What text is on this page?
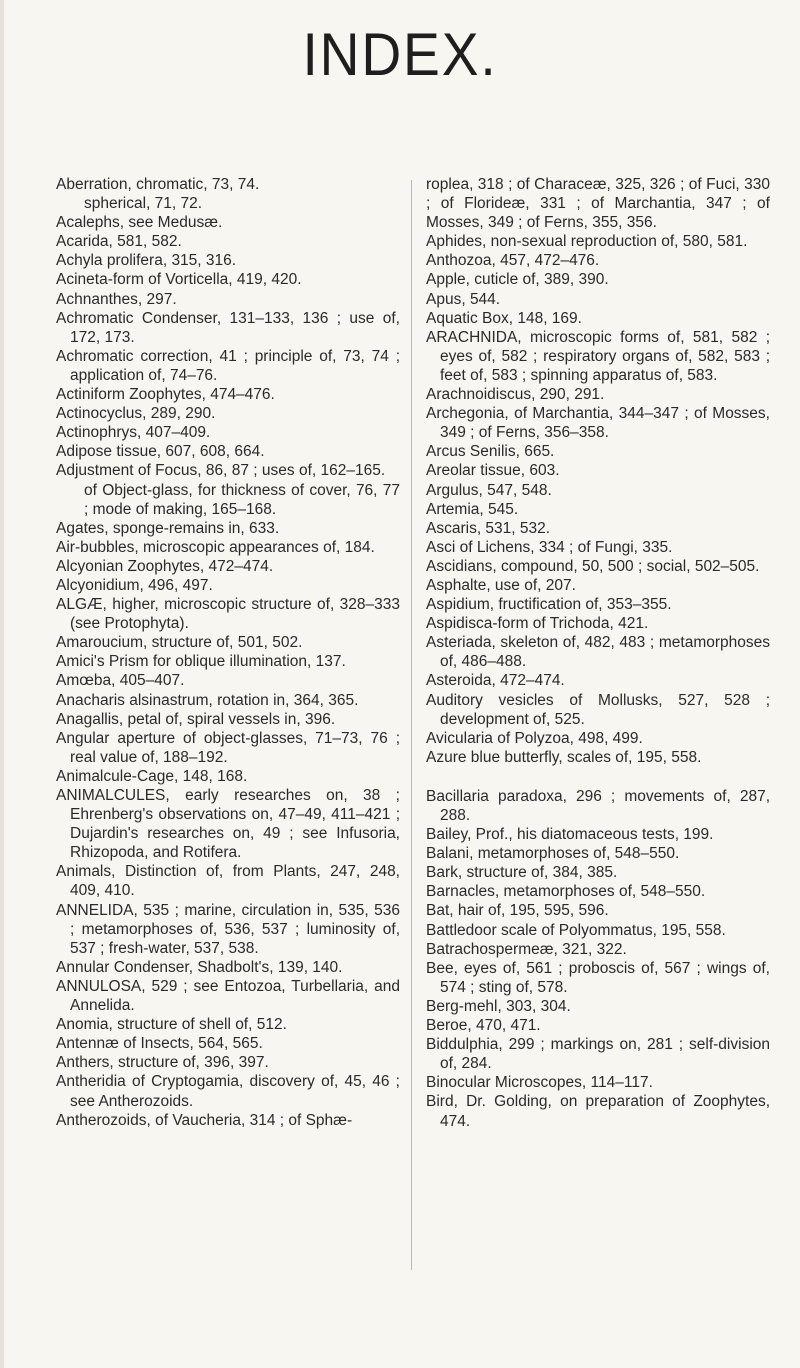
INDEX.

Aberration, chromatic, 73, 74.

spherical, 71, 72.

Acalephs, see Medusæ.

Acarida, 581, 582.

Achyla prolifera, 315, 316.

Acineta-form of Vorticella, 419, 420.

Achnanthes, 297.

Achromatic Condenser, 131–133, 136 ; use of, 172, 173.

Achromatic correction, 41 ; principle of, 73, 74 ; application of, 74–76.

Actiniform Zoophytes, 474–476.

Actinocyclus, 289, 290.

Actinophrys, 407–409.

Adipose tissue, 607, 608, 664.

Adjustment of Focus, 86, 87 ; uses of, 162–165.

of Object-glass, for thickness of cover, 76, 77 ; mode of making, 165–168.

Agates, sponge-remains in, 633.

Air-bubbles, microscopic appearances of, 184.

Alcyonian Zoophytes, 472–474.

Alcyonidium, 496, 497.

ALGÆ, higher, microscopic structure of, 328–333 (see Protophyta).

Amaroucium, structure of, 501, 502.

Amici's Prism for oblique illumination, 137.

Amœba, 405–407.

Anacharis alsinastrum, rotation in, 364, 365.

Anagallis, petal of, spiral vessels in, 396.

Angular aperture of object-glasses, 71–73, 76 ; real value of, 188–192.

Animalcule-Cage, 148, 168.

ANIMALCULES, early researches on, 38 ; Ehrenberg's observations on, 47–49, 411–421 ; Dujardin's researches on, 49 ; see Infusoria, Rhizopoda, and Rotifera.

Animals, Distinction of, from Plants, 247, 248, 409, 410.

ANNELIDA, 535 ; marine, circulation in, 535, 536 ; metamorphoses of, 536, 537 ; luminosity of, 537 ; fresh-water, 537, 538.

Annular Condenser, Shadbolt's, 139, 140.

ANNULOSA, 529 ; see Entozoa, Turbellaria, and Annelida.

Anomia, structure of shell of, 512.

Antennæ of Insects, 564, 565.

Anthers, structure of, 396, 397.

Antheridia of Cryptogamia, discovery of, 45, 46 ; see Antherozoids.

Antherozoids, of Vaucheria, 314 ; of Sphæ-

roplea, 318 ; of Characeæ, 325, 326 ; of Fuci, 330 ; of Florideæ, 331 ; of Marchantia, 347 ; of Mosses, 349 ; of Ferns, 355, 356.

Aphides, non-sexual reproduction of, 580, 581.

Anthozoa, 457, 472–476.

Apple, cuticle of, 389, 390.

Apus, 544.

Aquatic Box, 148, 169.

ARACHNIDA, microscopic forms of, 581, 582 ; eyes of, 582 ; respiratory organs of, 582, 583 ; feet of, 583 ; spinning apparatus of, 583.

Arachnoidiscus, 290, 291.

Archegonia, of Marchantia, 344–347 ; of Mosses, 349 ; of Ferns, 356–358.

Arcus Senilis, 665.

Areolar tissue, 603.

Argulus, 547, 548.

Artemia, 545.

Ascaris, 531, 532.

Asci of Lichens, 334 ; of Fungi, 335.

Ascidians, compound, 50, 500 ; social, 502–505.

Asphalte, use of, 207.

Aspidium, fructification of, 353–355.

Aspidisca-form of Trichoda, 421.

Asteriada, skeleton of, 482, 483 ; metamorphoses of, 486–488.

Asteroida, 472–474.

Auditory vesicles of Mollusks, 527, 528 ; development of, 525.

Avicularia of Polyzoa, 498, 499.

Azure blue butterfly, scales of, 195, 558.

Bacillaria paradoxa, 296 ; movements of, 287, 288.

Bailey, Prof., his diatomaceous tests, 199.

Balani, metamorphoses of, 548–550.

Bark, structure of, 384, 385.

Barnacles, metamorphoses of, 548–550.

Bat, hair of, 195, 595, 596.

Battledoor scale of Polyommatus, 195, 558.

Batrachospermeæ, 321, 322.

Bee, eyes of, 561 ; proboscis of, 567 ; wings of, 574 ; sting of, 578.

Berg-mehl, 303, 304.

Beroe, 470, 471.

Biddulphia, 299 ; markings on, 281 ; self-division of, 284.

Binocular Microscopes, 114–117.

Bird, Dr. Golding, on preparation of Zoophytes, 474.
